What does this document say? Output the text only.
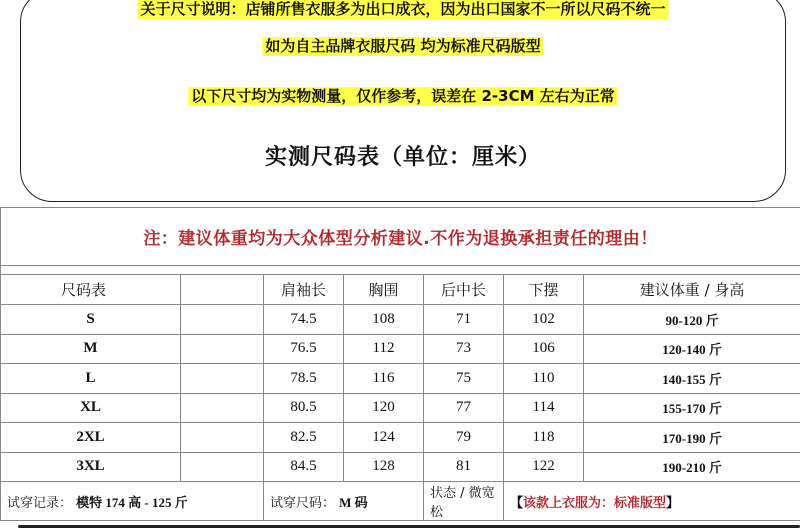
关于尺寸说明：店铺所售衣服多为出口成衣，因为出口国家不一所以尺码不统一
如为自主品牌衣服尺码 均为标准尺码版型
以下尺寸均为实物测量，仅作参考，误差在 2-3CM 左右为正常
实测尺码表（单位：厘米）
注：建议体重均为大众体型分析建议.不作为退换承担责任的理由！						

尺码表		肩袖长	胸围	后中长	下摆	建议体重 / 身高
S		74.5	108	71	102	90-120 斤
M		76.5	112	73	106	120-140 斤
L		78.5	116	75	110	140-155 斤
XL		80.5	120	77	114	155-170 斤
2XL		82.5	124	79	118	170-190 斤
3XL		84.5	128	81	122	190-210 斤
试穿记录： 模特 174 高 - 125 斤		试穿尺码： M 码		状态 / 微宽松	【该款上衣服为：标准版型】	
